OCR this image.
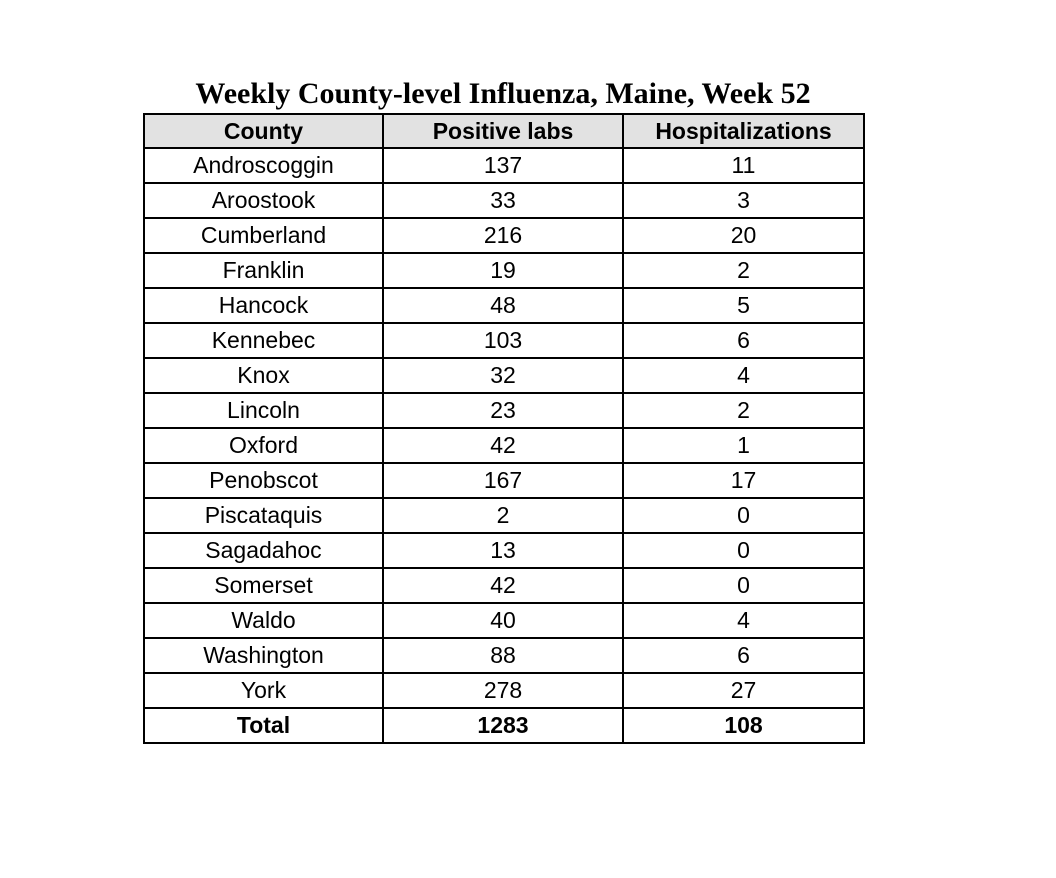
Weekly County-level Influenza, Maine, Week 52
County	Positive labs	Hospitalizations
Androscoggin	137	11
Aroostook	33	3
Cumberland	216	20
Franklin	19	2
Hancock	48	5
Kennebec	103	6
Knox	32	4
Lincoln	23	2
Oxford	42	1
Penobscot	167	17
Piscataquis	2	0
Sagadahoc	13	0
Somerset	42	0
Waldo	40	4
Washington	88	6
York	278	27
Total	1283	108
